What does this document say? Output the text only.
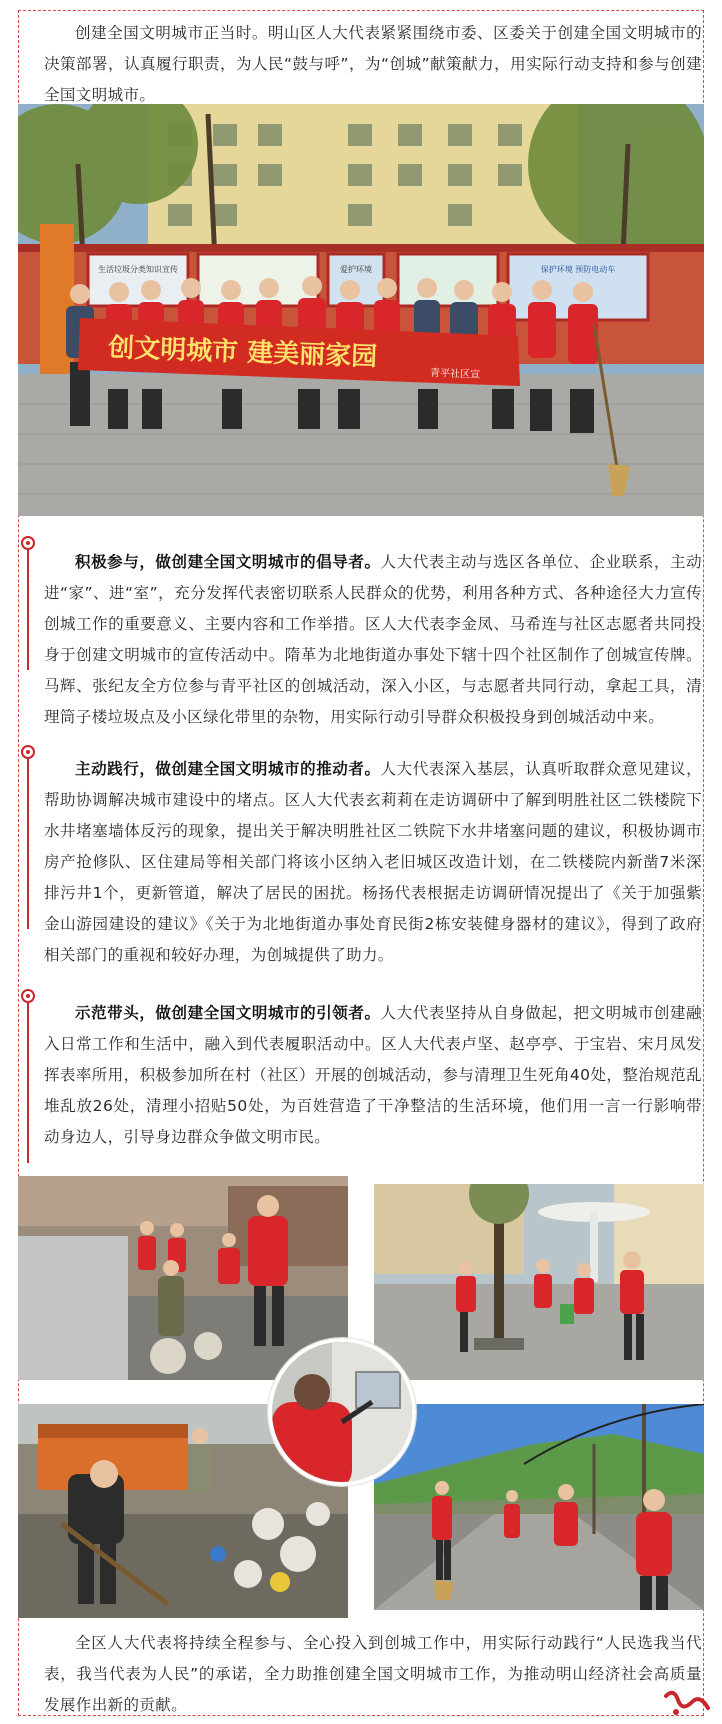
创建全国文明城市正当时。明山区人大代表紧紧围绕市委、区委关于创建全国文明城市的决策部署，认真履行职责，为人民“鼓与呼”，为“创城”献策献力，用实际行动支持和参与创建全国文明城市。

生活垃圾分类知识宣传	爱护环境	保护环境 预防电动车
创文明城市 建美丽家园
青平社区宣

积极参与，做创建全国文明城市的倡导者。人大代表主动与选区各单位、企业联系，主动进“家”、进“室”，充分发挥代表密切联系人民群众的优势，利用各种方式、各种途径大力宣传创城工作的重要意义、主要内容和工作举措。区人大代表李金凤、马希连与社区志愿者共同投身于创建文明城市的宣传活动中。隋革为北地街道办事处下辖十四个社区制作了创城宣传牌。马辉、张纪友全方位参与青平社区的创城活动，深入小区，与志愿者共同行动，拿起工具，清理筒子楼垃圾点及小区绿化带里的杂物，用实际行动引导群众积极投身到创城活动中来。

主动践行，做创建全国文明城市的推动者。人大代表深入基层，认真听取群众意见建议，帮助协调解决城市建设中的堵点。区人大代表玄莉莉在走访调研中了解到明胜社区二铁楼院下水井堵塞墙体反污的现象，提出关于解决明胜社区二铁院下水井堵塞问题的建议，积极协调市房产抢修队、区住建局等相关部门将该小区纳入老旧城区改造计划，在二铁楼院内新凿7米深排污井1个，更新管道，解决了居民的困扰。杨扬代表根据走访调研情况提出了《关于加强紫金山游园建设的建议》《关于为北地街道办事处育民街2栋安装健身器材的建议》，得到了政府相关部门的重视和较好办理，为创城提供了助力。

示范带头，做创建全国文明城市的引领者。人大代表坚持从自身做起，把文明城市创建融入日常工作和生活中，融入到代表履职活动中。区人大代表卢坚、赵亭亭、于宝岩、宋月凤发挥表率所用，积极参加所在村（社区）开展的创城活动，参与清理卫生死角40处，整治规范乱堆乱放26处，清理小招贴50处，为百姓营造了干净整洁的生活环境，他们用一言一行影响带动身边人，引导身边群众争做文明市民。

全区人大代表将持续全程参与、全心投入到创城工作中，用实际行动践行“人民选我当代表，我当代表为人民”的承诺，全力助推创建全国文明城市工作，为推动明山经济社会高质量发展作出新的贡献。
